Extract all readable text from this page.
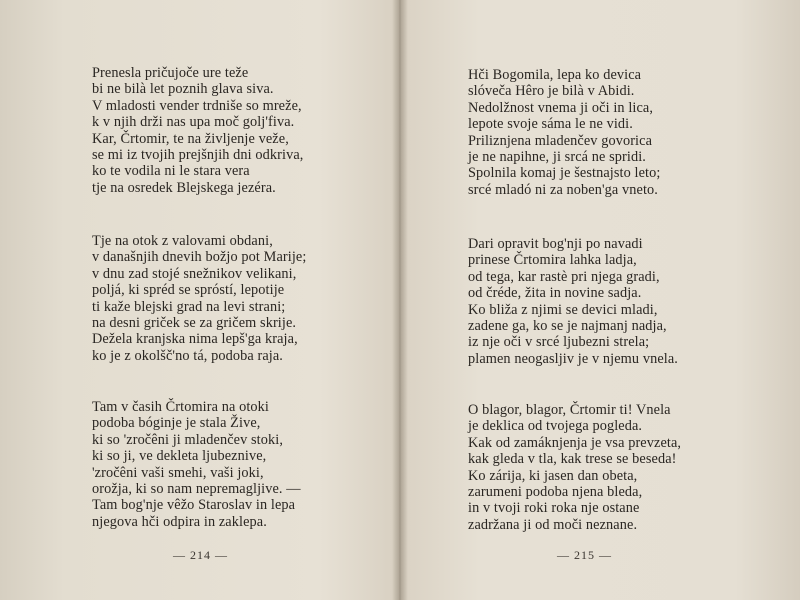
Prenesla pričujoče ure teže
bi ne bilà let poznih glava siva.
V mladosti vender trdniše so mreže,
k v njih drži nas upa moč golj'fiva.
Kar, Črtomir, te na življenje veže,
se mi iz tvojih prejšnjih dni odkriva,
ko te vodila ni le stara vera
tje na osredek Blejskega jezéra.
Tje na otok z valovami obdani,
v današnjih dnevih božjo pot Marije;
v dnu zad stojé snežnikov velikani,
poljá, ki spréd se spróstí, lepotije
ti kaže blejski grad na levi strani;
na desni griček se za gričem skrije.
Dežela kranjska nima lepš'ga kraja,
ko je z okolšč'no tá, podoba raja.
Tam v časih Črtomira na otoki
podoba bóginje je stala Žive,
ki so 'zročêni ji mladenčev stoki,
ki so ji, ve dekleta ljubeznive,
'zročêni vaši smehi, vaši joki,
orožja, ki so nam nepremagljive. —
Tam bog'nje vêžo Staroslav in lepa
njegova hči odpira in zaklepa.
— 214 —
Hči Bogomila, lepa ko devica
slóveča Hêro je bilà v Abidi.
Nedolžnost vnema ji oči in lica,
lepote svoje sáma le ne vidi.
Priliznjena mladenčev govorica
je ne napihne, ji srcá ne spridi.
Spolnila komaj je šestnajsto leto;
srcé mladó ni za noben'ga vneto.
Dari opravit bog'nji po navadi
prinese Črtomira lahka ladja,
od tega, kar rastè pri njega gradi,
od čréde, žita in novine sadja.
Ko bliža z njimi se devici mladi,
zadene ga, ko se je najmanj nadja,
iz nje oči v srcé ljubezni strela;
plamen neogasljiv je v njemu vnela.
O blagor, blagor, Črtomir ti! Vnela
je deklica od tvojega pogleda.
Kak od zamáknjenja je vsa prevzeta,
kak gleda v tla, kak trese se beseda!
Ko zárija, ki jasen dan obeta,
zarumeni podoba njena bleda,
in v tvoji roki roka nje ostane
zadržana ji od moči neznane.
— 215 —
